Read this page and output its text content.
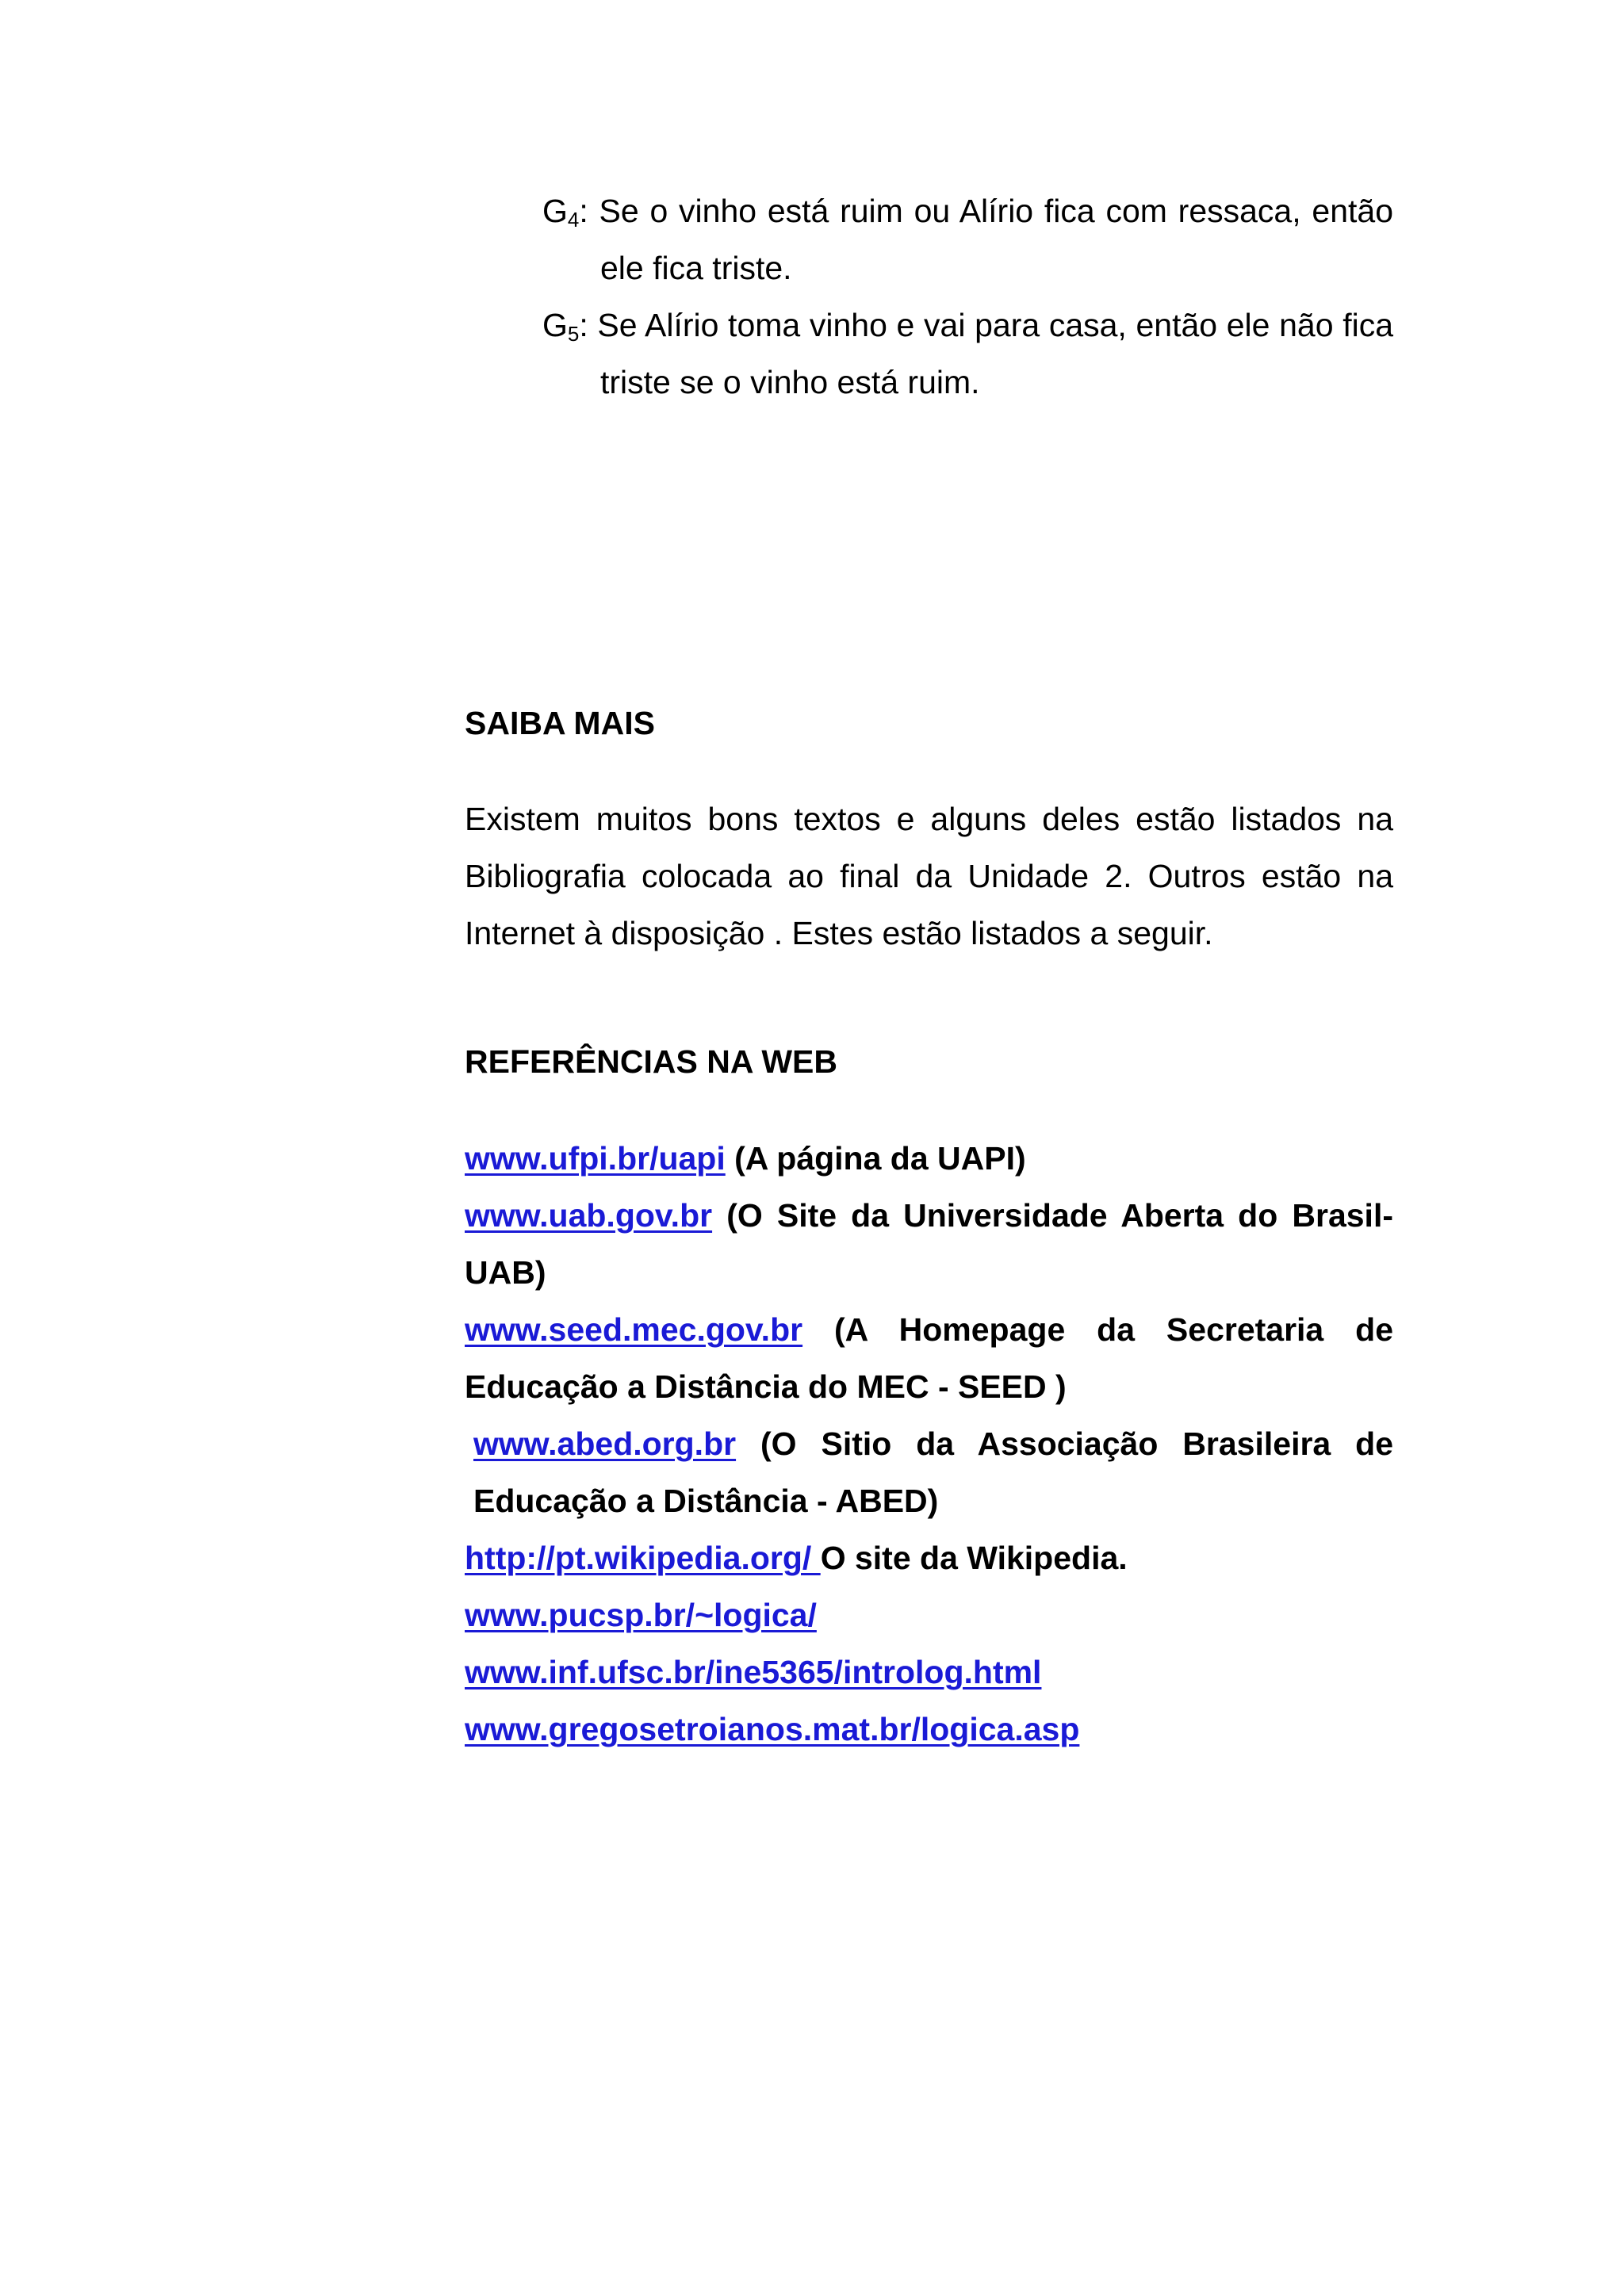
$G_4$: Se o vinho está ruim ou Alírio fica com ressaca, então ele fica triste.

$G_5$: Se Alírio toma vinho e vai para casa, então ele não fica triste se o vinho está ruim.

SAIBA MAIS

Existem muitos bons textos e alguns deles estão listados na Bibliografia colocada ao final da Unidade 2. Outros estão na Internet à disposição . Estes estão listados a seguir.

REFERÊNCIAS NA WEB

www.ufpi.br/uapi (A página da UAPI)

www.uab.gov.br (O Site da Universidade Aberta do Brasil-UAB)

www.seed.mec.gov.br (A Homepage da Secretaria de Educação a Distância do MEC - SEED )

www.abed.org.br (O Sitio da Associação Brasileira de Educação a Distância - ABED)

http://pt.wikipedia.org/ O site da Wikipedia.

www.pucsp.br/~logica/

www.inf.ufsc.br/ine5365/introlog.html

www.gregosetroianos.mat.br/logica.asp
